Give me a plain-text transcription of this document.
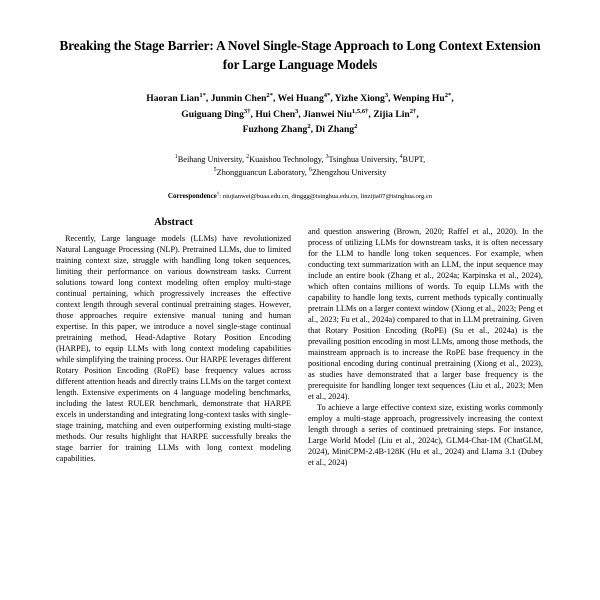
Breaking the Stage Barrier: A Novel Single-Stage Approach to Long Context Extension for Large Language Models
Haoran Lian$^{1*}$, Junmin Chen$^{2*}$, Wei Huang$^{4*}$, Yizhe Xiong$^3$, Wenping $Hu^{2*}$,
Guiguang Ding$^{3\dagger}$, Hui Chen$^3$, Jianwei Niu$^{1,5,6\dagger}$, Zijia Lin$^{2\dagger}$,
Fuzhong Zhang$^2$, Di Zhang$^2$
$^1$Beihang University, $^2$Kuaishou Technology, $^3$Tsinghua University, $^4$BUPT,
$^5$Zhongguancun Laboratory, $^6$Zhengzhou University
Correspondence†: niujianwei@buaa.edu.cn, dinggg@tsinghua.edu.cn, linzijia07@tsinghua.org.cn
Abstract

Recently, Large language models (LLMs) have revolutionized Natural Language Processing (NLP). Pretrained LLMs, due to limited training context size, struggle with handling long token sequences, limiting their performance on various downstream tasks. Current solutions toward long context modeling often employ multi-stage continual pertaining, which progressively increases the effective context length through several continual pretraining stages. However, those approaches require extensive manual tuning and human expertise. In this paper, we introduce a novel single-stage continual pretraining method, Head-Adaptive Rotary Position Encoding (HARPE), to equip LLMs with long context modeling capabilities while simplifying the training process. Our HARPE leverages different Rotary Position Encoding (RoPE) base frequency values across different attention heads and directly trains LLMs on the target context length. Extensive experiments on 4 language modeling benchmarks, including the latest RULER benchmark, demonstrate that HARPE excels in understanding and integrating long-context tasks with single-stage training, matching and even outperforming existing multi-stage methods. Our results highlight that HARPE successfully breaks the stage barrier for training LLMs with long context modeling capabilities.

and question answering (Brown, 2020; Raffel et al., 2020). In the process of utilizing LLMs for downstream tasks, it is often necessary for the LLM to handle long token sequences. For example, when conducting text summarization with an LLM, the input sequence may include an entire book (Zhang et al., 2024a; Karpinska et al., 2024), which often contains millions of words. To equip LLMs with the capability to handle long texts, current methods typically continually pretrain LLMs on a larger context window (Xiong et al., 2023; Peng et al., 2023; Fu et al., 2024a) compared to that in LLM pretraining. Given that Rotary Position Encoding (RoPE) (Su et al., 2024a) is the prevailing position encoding in most LLMs, among those methods, the mainstream approach is to increase the RoPE base frequency in the positional encoding during continual pretraining (Xiong et al., 2023), as studies have demonstrated that a larger base frequency is the prerequisite for handling longer text sequences (Liu et al., 2023; Men et al., 2024).

To achieve a large effective context size, existing works commonly employ a multi-stage approach, progressively increasing the context length through a series of continued pretraining steps. For instance, Large World Model (Liu et al., 2024c), GLM4-Chat-1M (ChatGLM, 2024), MiniCPM-2.4B-128K (Hu et al., 2024) and Llama 3.1 (Dubey et al., 2024)
